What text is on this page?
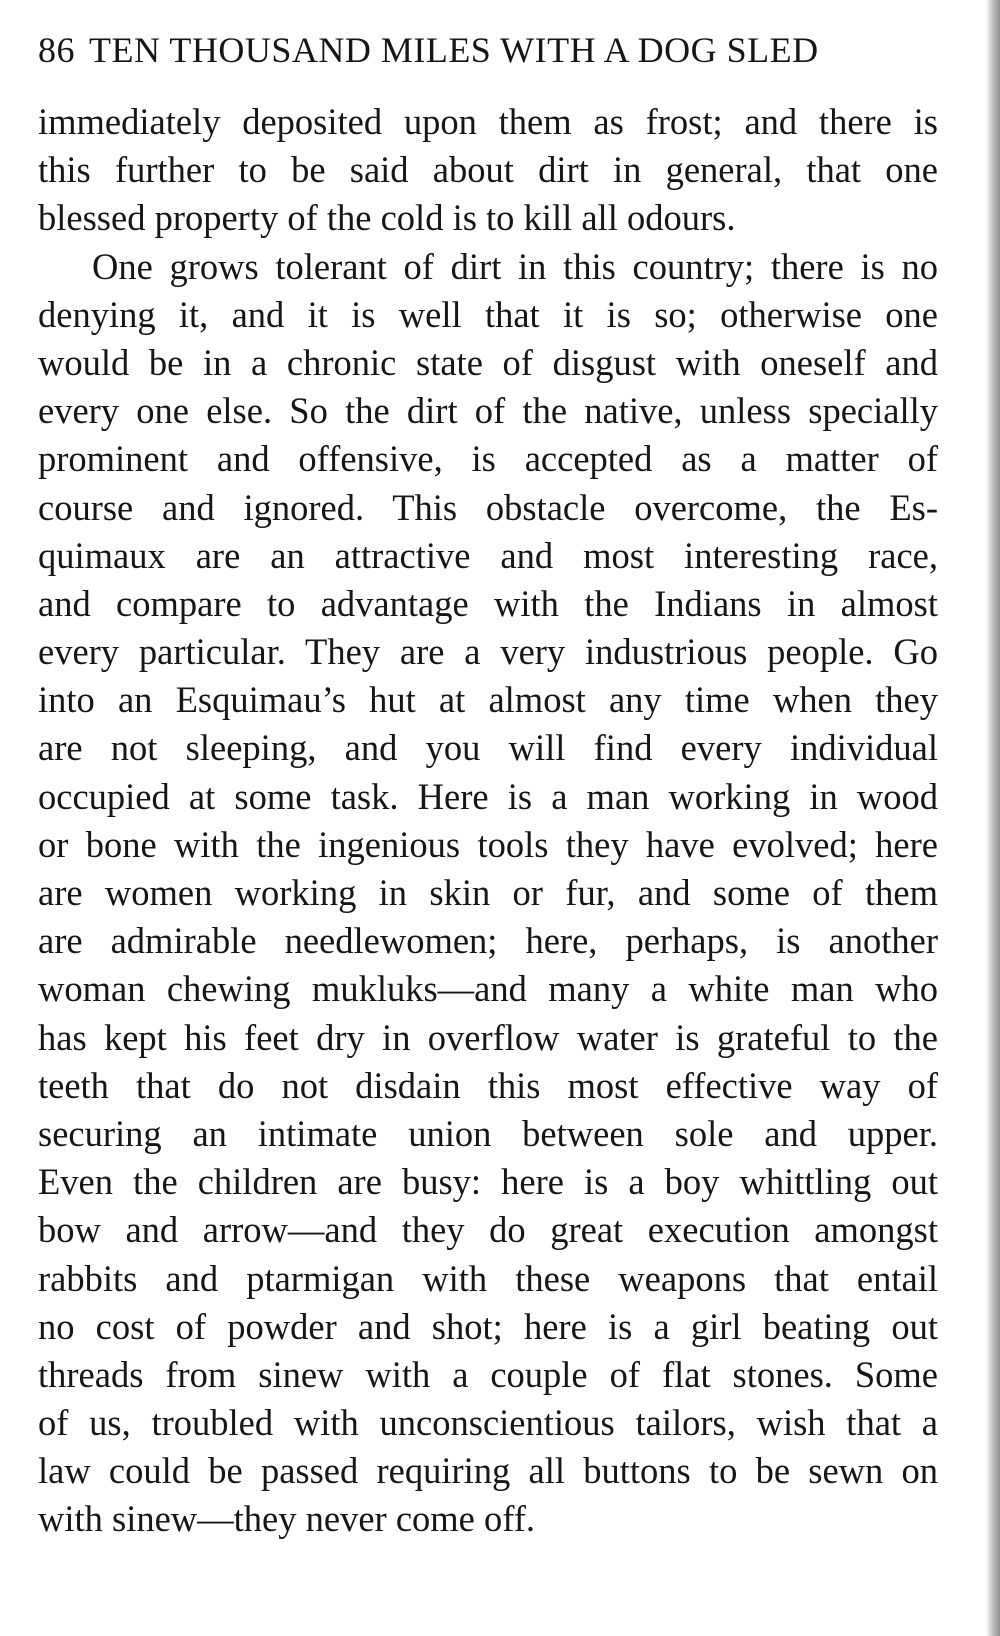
86 TEN THOUSAND MILES WITH A DOG SLED
immediately deposited upon them as frost; and there is
this further to be said about dirt in general, that one
blessed property of the cold is to kill all odours.
One grows tolerant of dirt in this country; there is no
denying it, and it is well that it is so; otherwise one
would be in a chronic state of disgust with oneself and
every one else. So the dirt of the native, unless specially
prominent and offensive, is accepted as a matter of
course and ignored. This obstacle overcome, the Es-
quimaux are an attractive and most interesting race,
and compare to advantage with the Indians in almost
every particular. They are a very industrious people. Go
into an Esquimau’s hut at almost any time when they
are not sleeping, and you will find every individual
occupied at some task. Here is a man working in wood
or bone with the ingenious tools they have evolved; here
are women working in skin or fur, and some of them
are admirable needlewomen; here, perhaps, is another
woman chewing mukluks—and many a white man who
has kept his feet dry in overflow water is grateful to the
teeth that do not disdain this most effective way of
securing an intimate union between sole and upper.
Even the children are busy: here is a boy whittling out
bow and arrow—and they do great execution amongst
rabbits and ptarmigan with these weapons that entail
no cost of powder and shot; here is a girl beating out
threads from sinew with a couple of flat stones. Some
of us, troubled with unconscientious tailors, wish that a
law could be passed requiring all buttons to be sewn on
with sinew—they never come off.
